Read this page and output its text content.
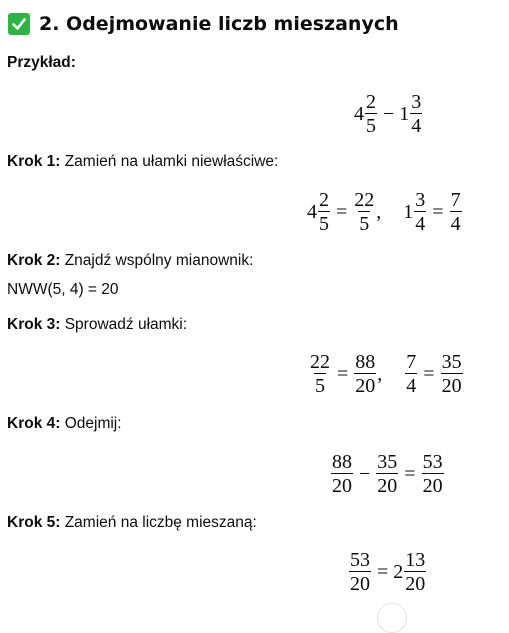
2. Odejmowanie liczb mieszanych
Przykład:
$4 \frac{2}{5} - 1 \frac{3}{4}$
Krok 1: Zamień na ułamki niewłaściwe:
$4 \frac{2}{5} = \frac{22}{5}$ , $1 \frac{3}{4} = \frac{7}{4}$
Krok 2: Znajdź wspólny mianownik:
NWW(5, 4) = 20
Krok 3: Sprowadź ułamki:
$\frac{22}{5} = \frac{88}{20}$ , $\frac{7}{4} = \frac{35}{20}$
Krok 4: Odejmij:
$\frac{88}{20} - \frac{35}{20} = \frac{53}{20}$
Krok 5: Zamień na liczbę mieszaną:
$\frac{53}{20} = 2 \frac{13}{20}$
